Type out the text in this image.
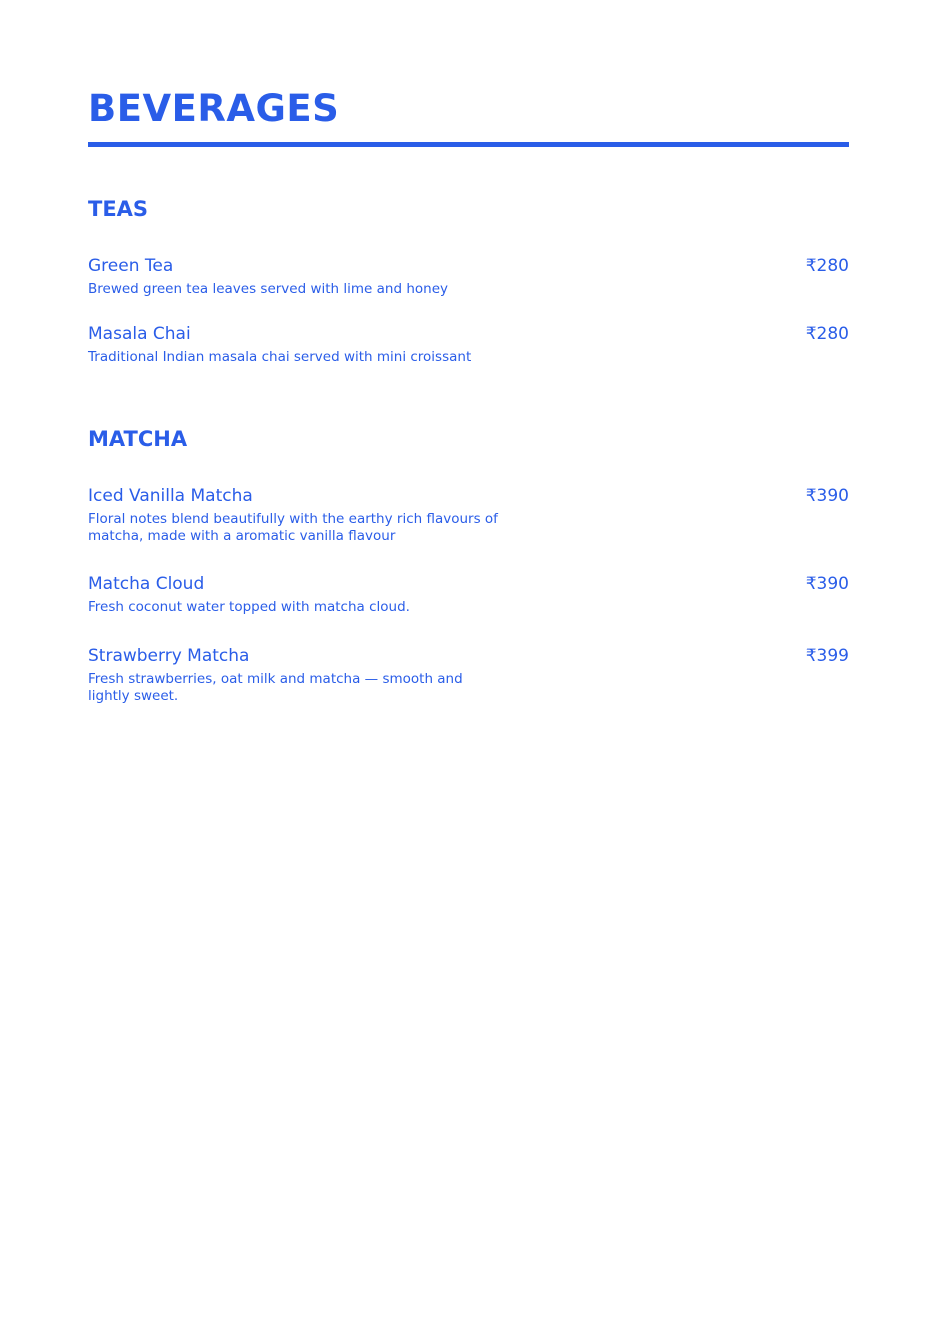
BEVERAGES
TEAS
Green Tea	₹280
Brewed green tea leaves served with lime and honey
Masala Chai	₹280
Traditional Indian masala chai served with mini croissant
MATCHA
Iced Vanilla Matcha	₹390
Floral notes blend beautifully with the earthy rich flavours of matcha, made with a aromatic vanilla flavour
Matcha Cloud	₹390
Fresh coconut water topped with matcha cloud.
Strawberry Matcha	₹399
Fresh strawberries, oat milk and matcha — smooth and lightly sweet.
